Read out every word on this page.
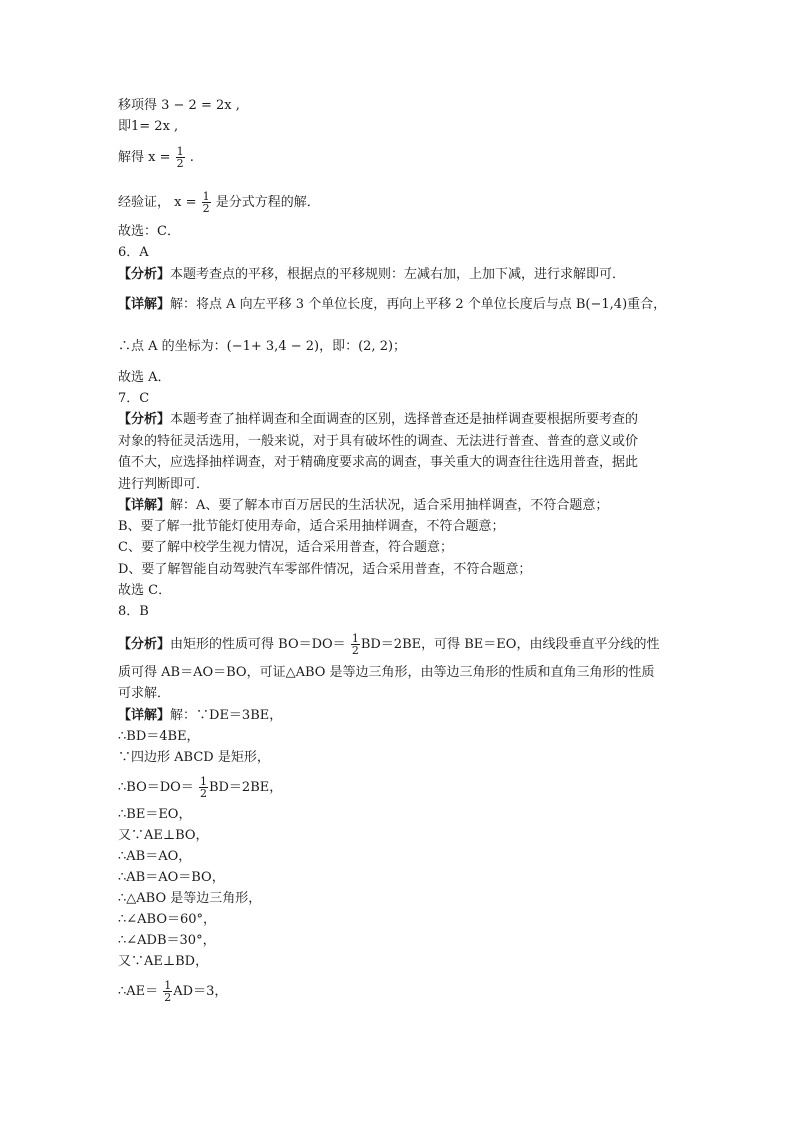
移项得 3 − 2 = 2x ,
即1= 2x ,
解得 $x = \frac{1}{2}$ .
经验证， $x = \frac{1}{2}$ 是分式方程的解．
故选：C．
6．A
【分析】本题考查点的平移，根据点的平移规则：左减右加，上加下减，进行求解即可．
【详解】解：将点 A 向左平移 3 个单位长度，再向上平移 2 个单位长度后与点 B(−1,4)重合，
∴点 A 的坐标为：(−1+ 3,4 − 2)，即：(2, 2)；
故选 A．
7．C
【分析】本题考查了抽样调查和全面调查的区别，选择普查还是抽样调查要根据所要考查的
对象的特征灵活选用，一般来说，对于具有破坏性的调查、无法进行普查、普查的意义或价
值不大，应选择抽样调查，对于精确度要求高的调查，事关重大的调查往往选用普查，据此
进行判断即可．
【详解】解：A、要了解本市百万居民的生活状况，适合采用抽样调查，不符合题意；
B、要了解一批节能灯使用寿命，适合采用抽样调查，不符合题意；
C、要了解中校学生视力情况，适合采用普查，符合题意；
D、要了解智能自动驾驶汽车零部件情况，适合采用普查，不符合题意；
故选 C．
8．B
【分析】由矩形的性质可得 $BO=DO= \frac{1}{2} BD=2BE$，可得 BE＝EO，由线段垂直平分线的性
质可得 AB＝AO＝BO，可证△ABO 是等边三角形，由等边三角形的性质和直角三角形的性质
可求解．
【详解】解：∵DE＝3BE，
∴BD＝4BE，
∵四边形 ABCD 是矩形，
∴BO＝DO＝ $\frac{1}{2} BD=2BE$，
∴BE＝EO，
又∵AE⊥BO，
∴AB＝AO，
∴AB＝AO＝BO，
∴△ABO 是等边三角形，
∴∠ABO＝60°，
∴∠ADB＝30°，
又∵AE⊥BD，
∴AE＝ $\frac{1}{2} AD=3$，
